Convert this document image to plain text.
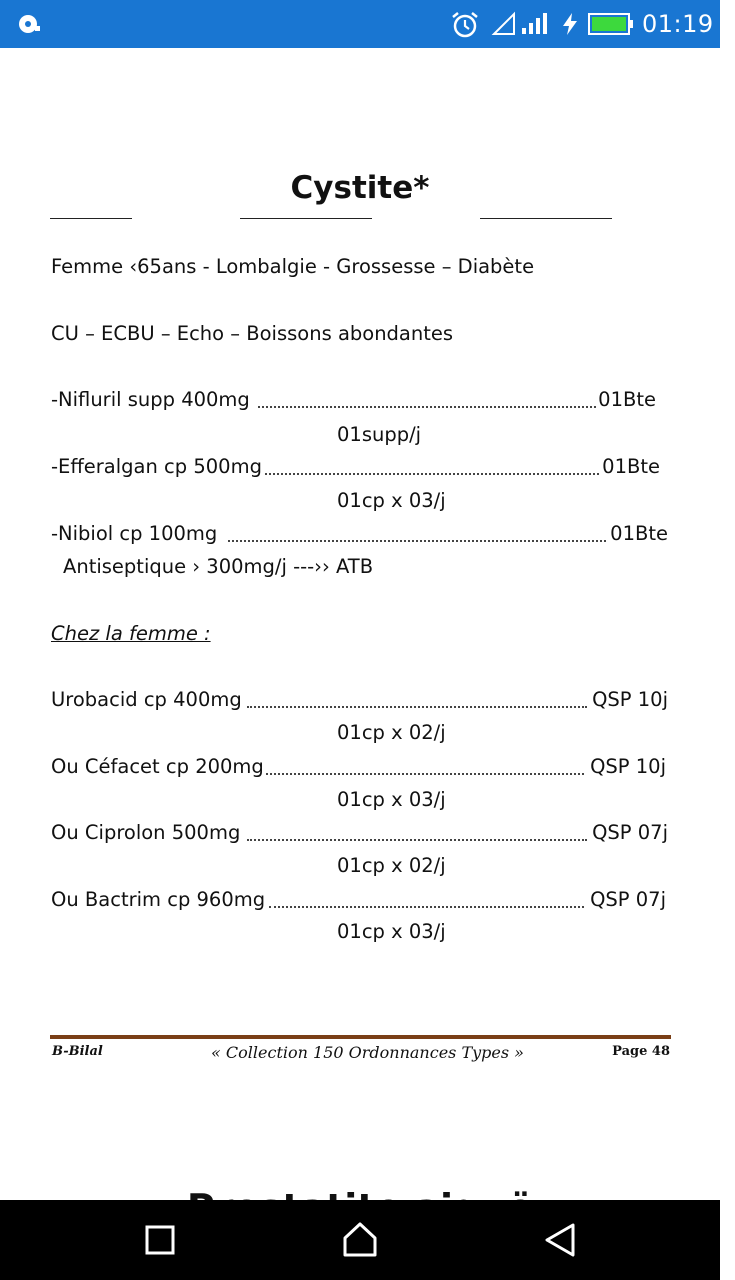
01:19
Cystite*
Femme ‹65ans - Lombalgie - Grossesse – Diabète
CU – ECBU – Echo – Boissons abondantes
-Nifluril supp 400mg	01Bte
01supp/j
-Efferalgan cp 500mg	01Bte
01cp x 03/j
-Nibiol cp 100mg	01Bte
Antiseptique › 300mg/j ---›› ATB
Chez la femme :
Urobacid cp 400mg	QSP 10j
01cp x 02/j
Ou Céfacet cp 200mg	QSP 10j
01cp x 03/j
Ou Ciprolon 500mg	QSP 07j
01cp x 02/j
Ou Bactrim cp 960mg	QSP 07j
01cp x 03/j
B-Bilal	« Collection 150 Ordonnances Types »	Page 48
